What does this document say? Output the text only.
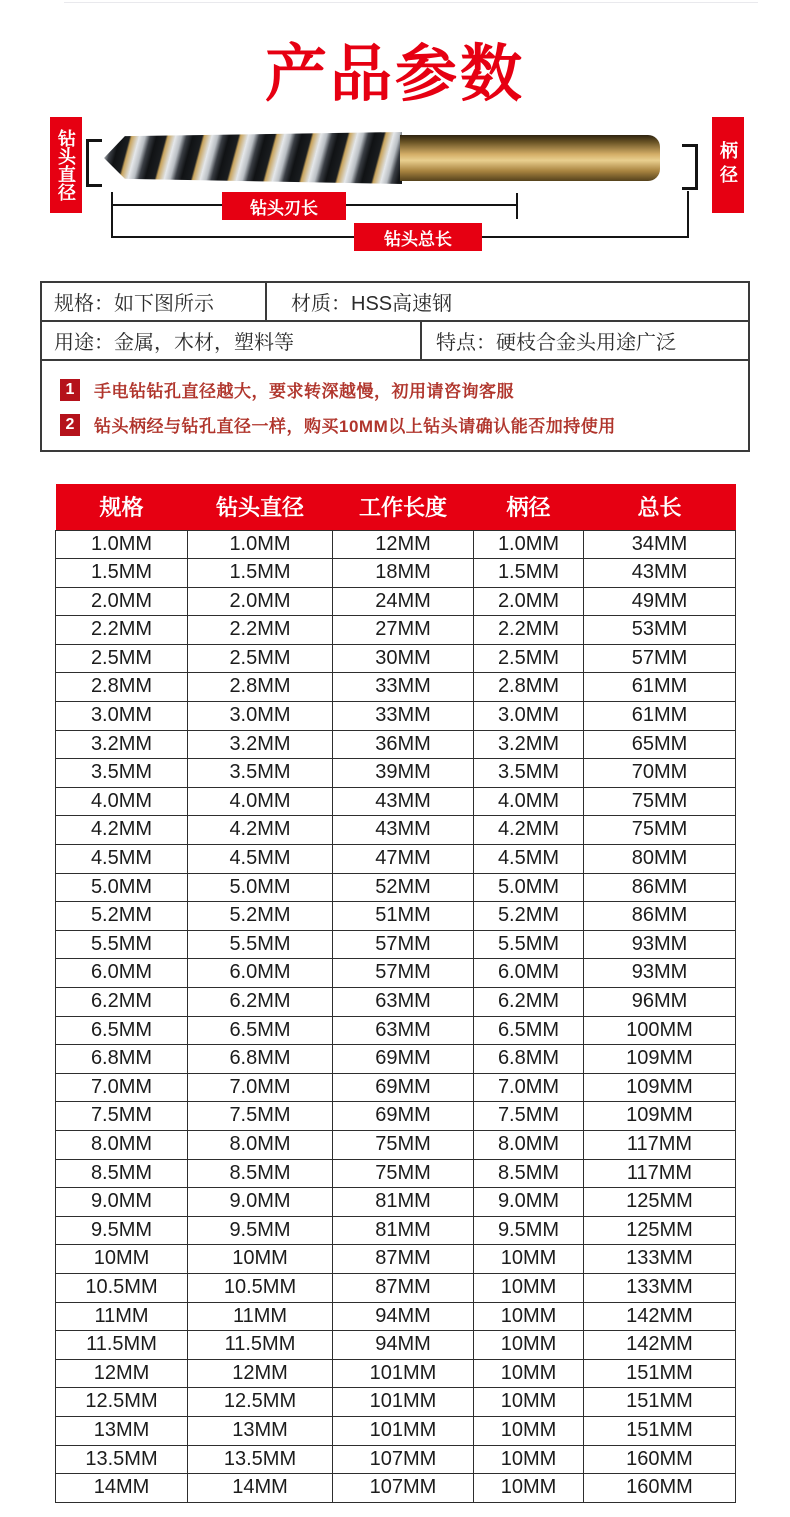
产品参数
钻头直径	柄径
钻头刃长
钻头总长
规格：如下图所示	材质：HSS高速钢
用途：金属，木材，塑料等	特点：硬枝合金头用途广泛
1	手电钻钻孔直径越大，要求转深越慢，初用请咨询客服
2	钻头柄经与钻孔直径一样，购买10MM以上钻头请确认能否加持使用
规格	钻头直径	工作长度	柄径	总长
1.0MM	1.0MM	12MM	1.0MM	34MM
1.5MM	1.5MM	18MM	1.5MM	43MM
2.0MM	2.0MM	24MM	2.0MM	49MM
2.2MM	2.2MM	27MM	2.2MM	53MM
2.5MM	2.5MM	30MM	2.5MM	57MM
2.8MM	2.8MM	33MM	2.8MM	61MM
3.0MM	3.0MM	33MM	3.0MM	61MM
3.2MM	3.2MM	36MM	3.2MM	65MM
3.5MM	3.5MM	39MM	3.5MM	70MM
4.0MM	4.0MM	43MM	4.0MM	75MM
4.2MM	4.2MM	43MM	4.2MM	75MM
4.5MM	4.5MM	47MM	4.5MM	80MM
5.0MM	5.0MM	52MM	5.0MM	86MM
5.2MM	5.2MM	51MM	5.2MM	86MM
5.5MM	5.5MM	57MM	5.5MM	93MM
6.0MM	6.0MM	57MM	6.0MM	93MM
6.2MM	6.2MM	63MM	6.2MM	96MM
6.5MM	6.5MM	63MM	6.5MM	100MM
6.8MM	6.8MM	69MM	6.8MM	109MM
7.0MM	7.0MM	69MM	7.0MM	109MM
7.5MM	7.5MM	69MM	7.5MM	109MM
8.0MM	8.0MM	75MM	8.0MM	117MM
8.5MM	8.5MM	75MM	8.5MM	117MM
9.0MM	9.0MM	81MM	9.0MM	125MM
9.5MM	9.5MM	81MM	9.5MM	125MM
10MM	10MM	87MM	10MM	133MM
10.5MM	10.5MM	87MM	10MM	133MM
11MM	11MM	94MM	10MM	142MM
11.5MM	11.5MM	94MM	10MM	142MM
12MM	12MM	101MM	10MM	151MM
12.5MM	12.5MM	101MM	10MM	151MM
13MM	13MM	101MM	10MM	151MM
13.5MM	13.5MM	107MM	10MM	160MM
14MM	14MM	107MM	10MM	160MM
